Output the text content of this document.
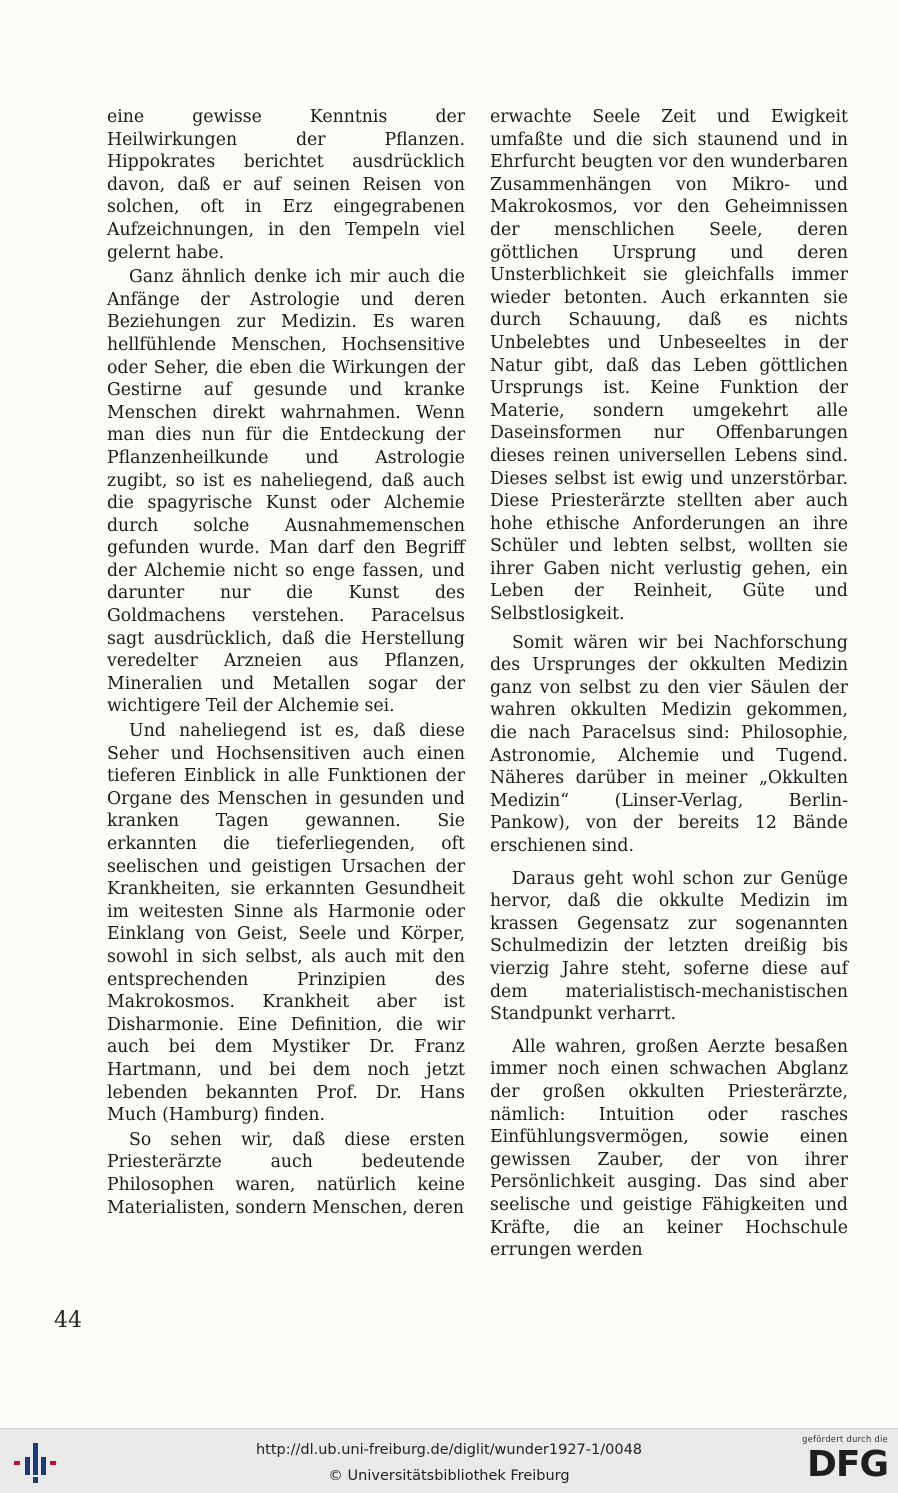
eine gewisse Kenntnis der Heilwirkungen der Pflanzen. Hippokrates berichtet ausdrücklich davon, daß er auf seinen Reisen von solchen, oft in Erz eingegrabenen Aufzeichnungen, in den Tempeln viel gelernt habe.

Ganz ähnlich denke ich mir auch die Anfänge der Astrologie und deren Beziehungen zur Medizin. Es waren hellfühlende Menschen, Hochsensitive oder Seher, die eben die Wirkungen der Gestirne auf gesunde und kranke Menschen direkt wahrnahmen. Wenn man dies nun für die Entdeckung der Pflanzenheilkunde und Astrologie zugibt, so ist es naheliegend, daß auch die spagyrische Kunst oder Alchemie durch solche Ausnahmemenschen gefunden wurde. Man darf den Begriff der Alchemie nicht so enge fassen, und darunter nur die Kunst des Goldmachens verstehen. Paracelsus sagt ausdrücklich, daß die Herstellung veredelter Arzneien aus Pflanzen, Mineralien und Metallen sogar der wichtigere Teil der Alchemie sei.

Und naheliegend ist es, daß diese Seher und Hochsensitiven auch einen tieferen Einblick in alle Funktionen der Organe des Menschen in gesunden und kranken Tagen gewannen. Sie erkannten die tieferliegenden, oft seelischen und geistigen Ursachen der Krankheiten, sie erkannten Gesundheit im weitesten Sinne als Harmonie oder Einklang von Geist, Seele und Körper, sowohl in sich selbst, als auch mit den entsprechenden Prinzipien des Makrokosmos. Krankheit aber ist Disharmonie. Eine Definition, die wir auch bei dem Mystiker Dr. Franz Hartmann, und bei dem noch jetzt lebenden bekannten Prof. Dr. Hans Much (Hamburg) finden.

So sehen wir, daß diese ersten Priesterärzte auch bedeutende Philosophen waren, natürlich keine Materialisten, sondern Menschen, deren

erwachte Seele Zeit und Ewigkeit umfaßte und die sich staunend und in Ehrfurcht beugten vor den wunderbaren Zusammenhängen von Mikro- und Makrokosmos, vor den Geheimnissen der menschlichen Seele, deren göttlichen Ursprung und deren Unsterblichkeit sie gleichfalls immer wieder betonten. Auch erkannten sie durch Schauung, daß es nichts Unbelebtes und Unbeseeltes in der Natur gibt, daß das Leben göttlichen Ursprungs ist. Keine Funktion der Materie, sondern umgekehrt alle Daseinsformen nur Offenbarungen dieses reinen universellen Lebens sind. Dieses selbst ist ewig und unzerstörbar. Diese Priesterärzte stellten aber auch hohe ethische Anforderungen an ihre Schüler und lebten selbst, wollten sie ihrer Gaben nicht verlustig gehen, ein Leben der Reinheit, Güte und Selbstlosigkeit.

Somit wären wir bei Nachforschung des Ursprunges der okkulten Medizin ganz von selbst zu den vier Säulen der wahren okkulten Medizin gekommen, die nach Paracelsus sind: Philosophie, Astronomie, Alchemie und Tugend. Näheres darüber in meiner „Okkulten Medizin“ (Linser-Verlag, Berlin-Pankow), von der bereits 12 Bände erschienen sind.

Daraus geht wohl schon zur Genüge hervor, daß die okkulte Medizin im krassen Gegensatz zur sogenannten Schulmedizin der letzten dreißig bis vierzig Jahre steht, soferne diese auf dem materialistisch-mechanistischen Standpunkt verharrt.

Alle wahren, großen Aerzte besaßen immer noch einen schwachen Abglanz der großen okkulten Priesterärzte, nämlich: Intuition oder rasches Einfühlungsvermögen, sowie einen gewissen Zauber, der von ihrer Persönlichkeit ausging. Das sind aber seelische und geistige Fähigkeiten und Kräfte, die an keiner Hochschule errungen werden

44
http://dl.ub.uni-freiburg.de/diglit/wunder1927-1/0048
© Universitätsbibliothek Freiburg
gefördert durch die
DFG
